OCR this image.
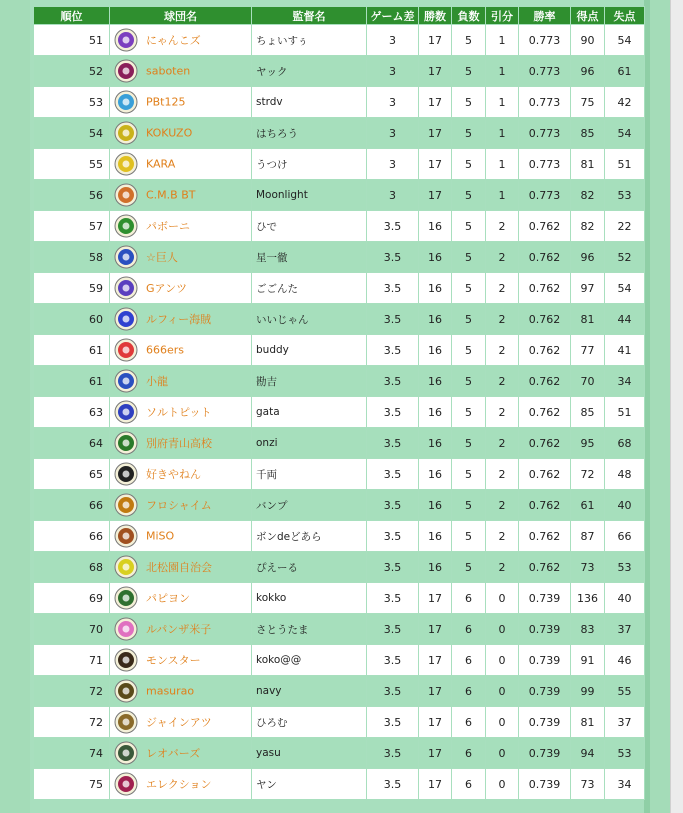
順位	球団名	監督名	ゲーム差	勝数	負数	引分	勝率	得点	失点
51	にゃんこズ	ちょいすぅ	3	17	5	1	0.773	90	54
52	saboten	ヤック	3	17	5	1	0.773	96	61
53	PBt125	strdv	3	17	5	1	0.773	75	42
54	KOKUZO	はちろう	3	17	5	1	0.773	85	54
55	KARA	うつけ	3	17	5	1	0.773	81	51
56	C.M.B BT	Moonlight	3	17	5	1	0.773	82	53
57	パボーニ	ひで	3.5	16	5	2	0.762	82	22
58	☆巨人	星一徹	3.5	16	5	2	0.762	96	52
59	Gアンツ	ごごんた	3.5	16	5	2	0.762	97	54
60	ルフィー海賊	いいじゃん	3.5	16	5	2	0.762	81	44
61	666ers	buddy	3.5	16	5	2	0.762	77	41
61	小龍	勘吉	3.5	16	5	2	0.762	70	34
63	ソルトピット	gata	3.5	16	5	2	0.762	85	51
64	別府青山高校	onzi	3.5	16	5	2	0.762	95	68
65	好きやねん	千両	3.5	16	5	2	0.762	72	48
66	フロシャイム	バンプ	3.5	16	5	2	0.762	61	40
66	MiSO	ボンdeどあら	3.5	16	5	2	0.762	87	66
68	北松園自治会	ぴえーる	3.5	16	5	2	0.762	73	53
69	パピヨン	kokko	3.5	17	6	0	0.739	136	40
70	ルパンザ米子	さとうたま	3.5	17	6	0	0.739	83	37
71	モンスター	koko@@	3.5	17	6	0	0.739	91	46
72	masurao	navy	3.5	17	6	0	0.739	99	55
72	ジャインアツ	ひろむ	3.5	17	6	0	0.739	81	37
74	レオバーズ	yasu	3.5	17	6	0	0.739	94	53
75	エレクション	ヤン	3.5	17	6	0	0.739	73	34
